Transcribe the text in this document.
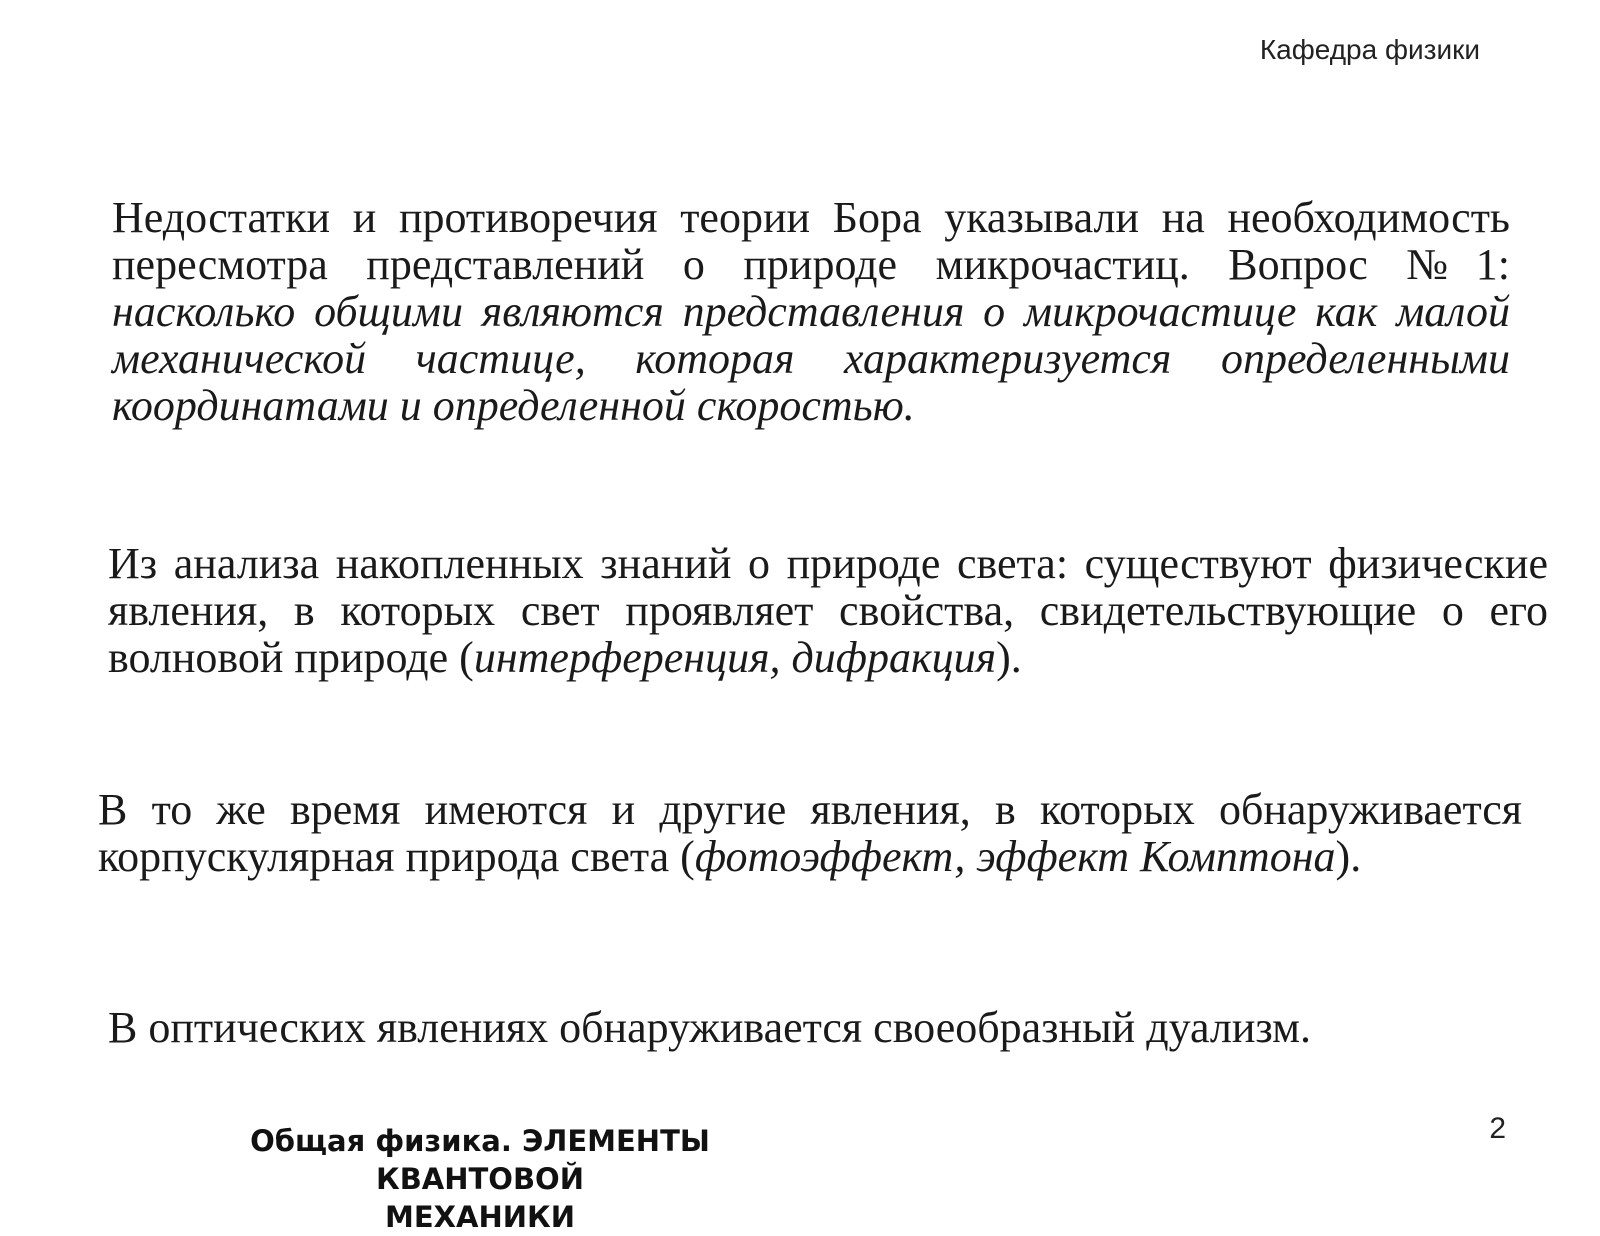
Кафедра физики

Недостатки и противоречия теории Бора указывали на необходимость пересмотра представлений о природе микрочастиц. Вопрос №1: насколько общими являются представления о микрочастице как малой механической частице, которая характеризуется определенными координатами и определенной скоростью.

Из анализа накопленных знаний о природе света: существуют физические явления, в которых свет проявляет свойства, свидетельствующие о его волновой природе (интерференция, дифракция).

В то же время имеются и другие явления, в которых обнаруживается корпускулярная природа света (фотоэффект, эффект Комптона).

В оптических явлениях обнаруживается своеобразный дуализм.

Общая физика. ЭЛЕМЕНТЫ КВАНТОВОЙ
МЕХАНИКИ
2
